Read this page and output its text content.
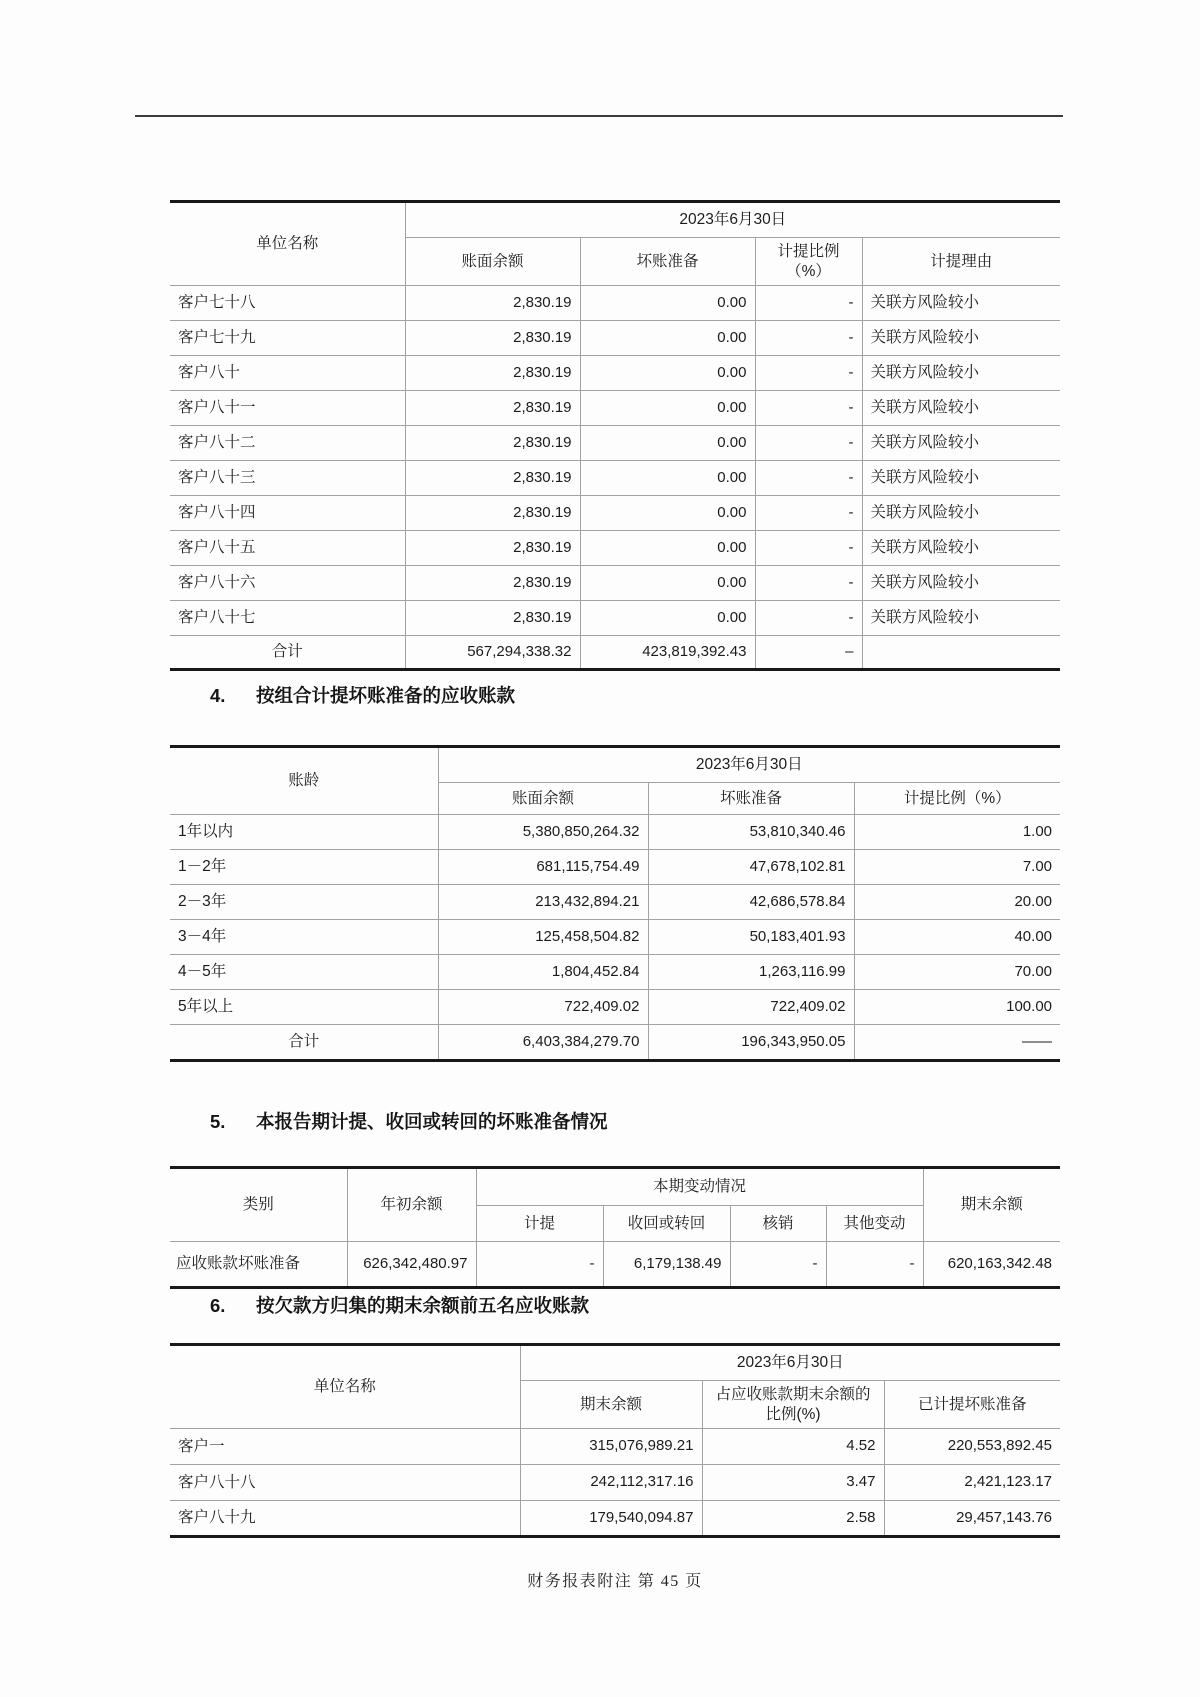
单位名称	2023年6月30日			
	账面余额	坏账准备	计提比例（%）	计提理由
客户七十八	2,830.19	0.00	-	关联方风险较小
客户七十九	2,830.19	0.00	-	关联方风险较小
客户八十	2,830.19	0.00	-	关联方风险较小
客户八十一	2,830.19	0.00	-	关联方风险较小
客户八十二	2,830.19	0.00	-	关联方风险较小
客户八十三	2,830.19	0.00	-	关联方风险较小
客户八十四	2,830.19	0.00	-	关联方风险较小
客户八十五	2,830.19	0.00	-	关联方风险较小
客户八十六	2,830.19	0.00	-	关联方风险较小
客户八十七	2,830.19	0.00	-	关联方风险较小
合计	567,294,338.32	423,819,392.43	–	
4. 按组合计提坏账准备的应收账款
账龄	2023年6月30日		
	账面余额	坏账准备	计提比例（%）
1年以内	5,380,850,264.32	53,810,340.46	1.00
1－2年	681,115,754.49	47,678,102.81	7.00
2－3年	213,432,894.21	42,686,578.84	20.00
3－4年	125,458,504.82	50,183,401.93	40.00
4－5年	1,804,452.84	1,263,116.99	70.00
5年以上	722,409.02	722,409.02	100.00
合计	6,403,384,279.70	196,343,950.05	——
5. 本报告期计提、收回或转回的坏账准备情况
类别	年初余额	本期变动情况				期末余额
		计提	收回或转回	核销	其他变动	
应收账款坏账准备	626,342,480.97	-	6,179,138.49	-	-	620,163,342.48
6. 按欠款方归集的期末余额前五名应收账款
单位名称	2023年6月30日		
	期末余额	占应收账款期末余额的比例(%)	已计提坏账准备
客户一	315,076,989.21	4.52	220,553,892.45
客户八十八	242,112,317.16	3.47	2,421,123.17
客户八十九	179,540,094.87	2.58	29,457,143.76
财务报表附注 第 45 页
